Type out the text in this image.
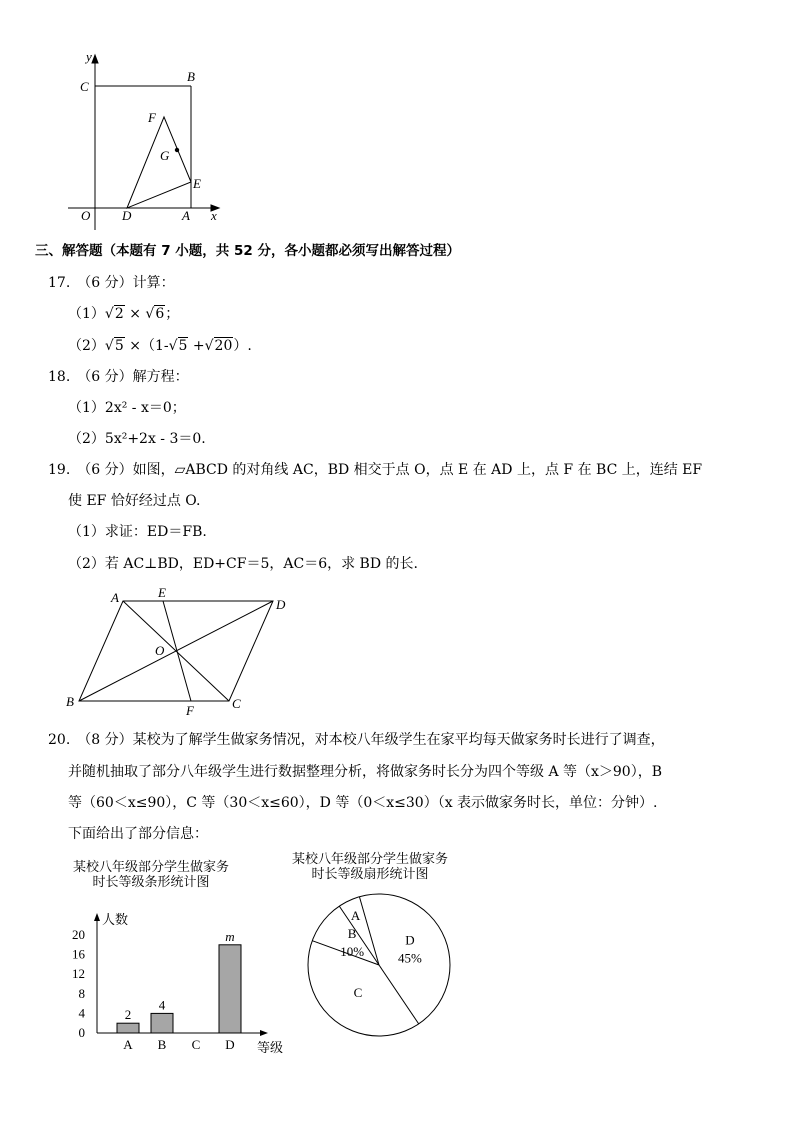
y
x
O
C
B
F
G
E
D	A
三、解答题（本题有 7 小题，共 52 分，各小题都必须写出解答过程）
17.　（6 分）计算：
（1）√2 × √6；
（2）√5 ×（1-√5 +√20）.
18.　（6 分）解方程：
（1）2x² - x＝0；
（2）5x²+2x - 3＝0.
19.　（6 分）如图，▱ABCD 的对角线 AC，BD 相交于点 O，点 E 在 AD 上，点 F 在 BC 上，连结 EF
使 EF 恰好经过点 O.
（1）求证：ED＝FB.
（2）若 AC⊥BD，ED+CF＝5，AC＝6，求 BD 的长.
A	E
D
O
B
F	C
20.　（8 分）某校为了解学生做家务情况，对本校八年级学生在家平均每天做家务时长进行了调查，
并随机抽取了部分八年级学生进行数据整理分析，将做家务时长分为四个等级 A 等（x＞90），B
等（60＜x≤90），C 等（30＜x≤60），D 等（0＜x≤30）（x 表示做家务时长，单位：分钟）.
下面给出了部分信息：
某校八年级部分学生做家务
时长等级条形统计图
人数
等级
0
4
8
12
16
20
2
A
4
B C
m
D
某校八年级部分学生做家务
时长等级扇形统计图
B
10%
A
D
45%
C
